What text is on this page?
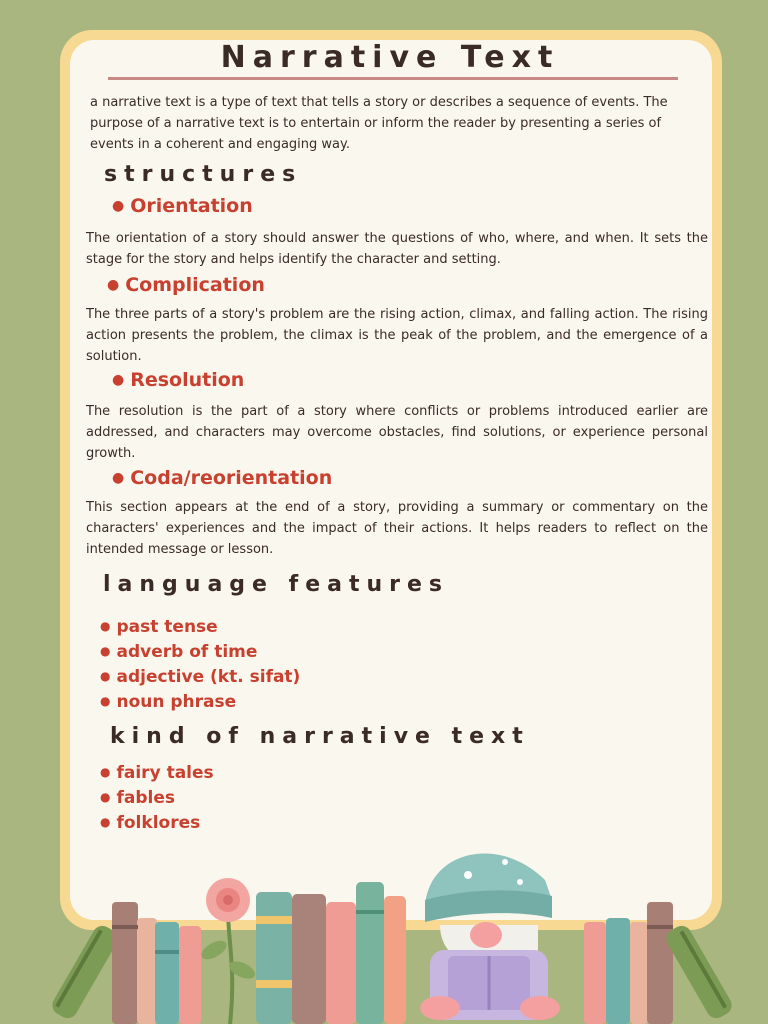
Narrative Text

a narrative text is a type of text that tells a story or describes a sequence of events. The purpose of a narrative text is to entertain or inform the reader by presenting a series of events in a coherent and engaging way.

structures
● Orientation

The orientation of a story should answer the questions of who, where, and when. It sets the stage for the story and helps identify the character and setting.

● Complication

The three parts of a story's problem are the rising action, climax, and falling action. The rising action presents the problem, the climax is the peak of the problem, and the emergence of a solution.

● Resolution

The resolution is the part of a story where conflicts or problems introduced earlier are addressed, and characters may overcome obstacles, find solutions, or experience personal growth.

● Coda/reorientation

This section appears at the end of a story, providing a summary or commentary on the characters' experiences and the impact of their actions. It helps readers to reflect on the intended message or lesson.

language features
● past tense
● adverb of time
● adjective (kt. sifat)
● noun phrase
kind of narrative text
● fairy tales
● fables
● folklores
